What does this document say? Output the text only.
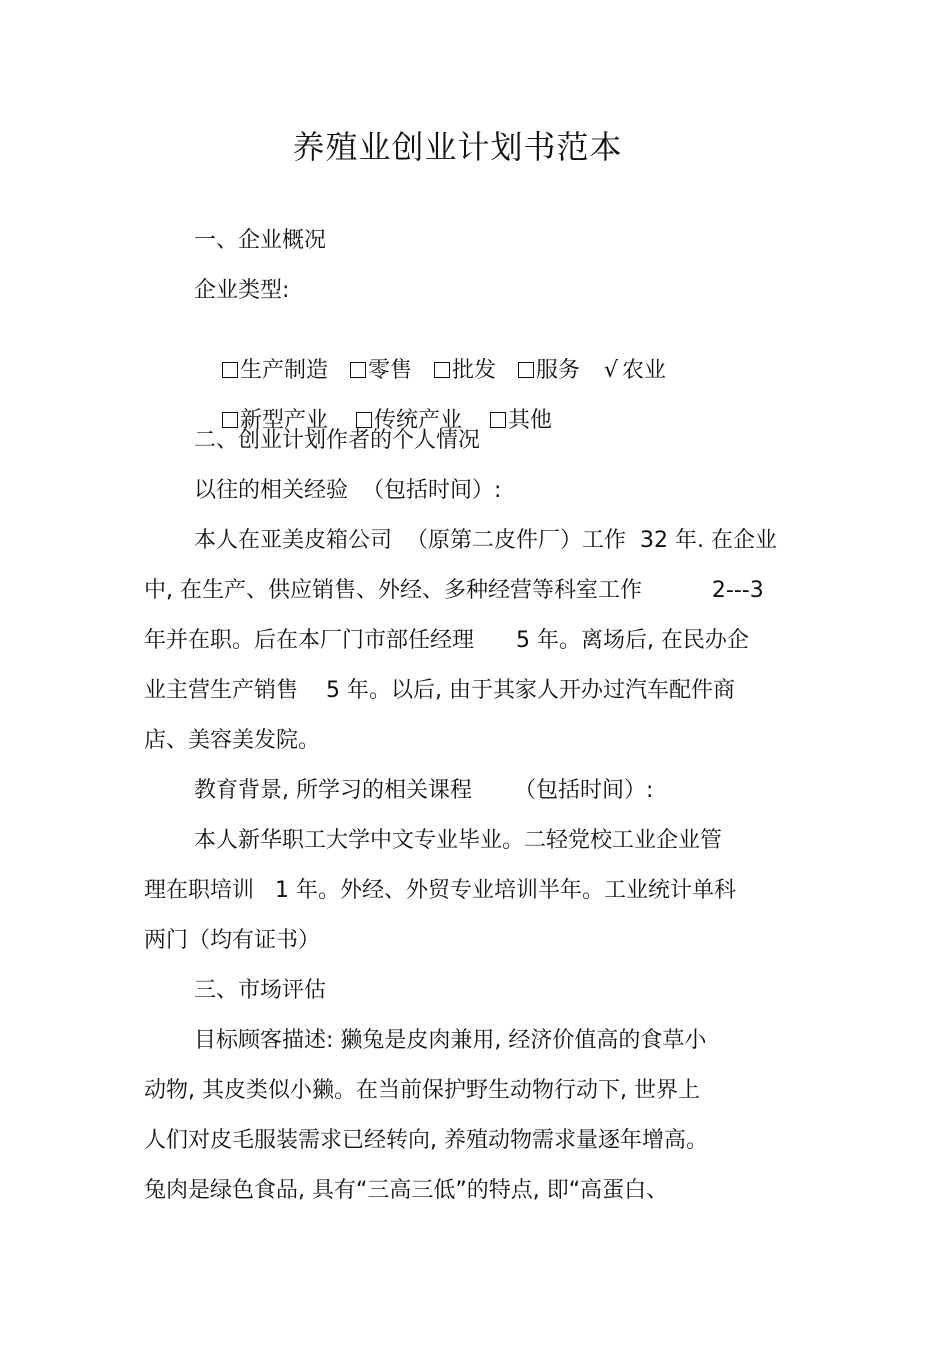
养殖业创业计划书范本
一、企业概况
企业类型:

生产制造 零售 批发 服务 √ 农业

新型产业 传统产业 其他

二、创业计划作者的个人情况
以往的相关经验  （包括时间）:
本人在亚美皮箱公司  （原第二皮件厂）工作  32 年. 在企业
中, 在生产、供应销售、外经、多种经营等科室工作          2---3
年并在职。后在本厂门市部任经理      5 年。离场后, 在民办企
业主营生产销售    5 年。以后, 由于其家人开办过汽车配件商
店、美容美发院。
教育背景, 所学习的相关课程      （包括时间）:
本人新华职工大学中文专业毕业。二轻党校工业企业管
理在职培训   1 年。外经、外贸专业培训半年。工业统计单科
两门（均有证书）
三、市场评估
目标顾客描述: 獭兔是皮肉兼用, 经济价值高的食草小
动物, 其皮类似小獭。在当前保护野生动物行动下, 世界上
人们对皮毛服装需求已经转向, 养殖动物需求量逐年增高。
兔肉是绿色食品, 具有“三高三低”的特点, 即“高蛋白、
